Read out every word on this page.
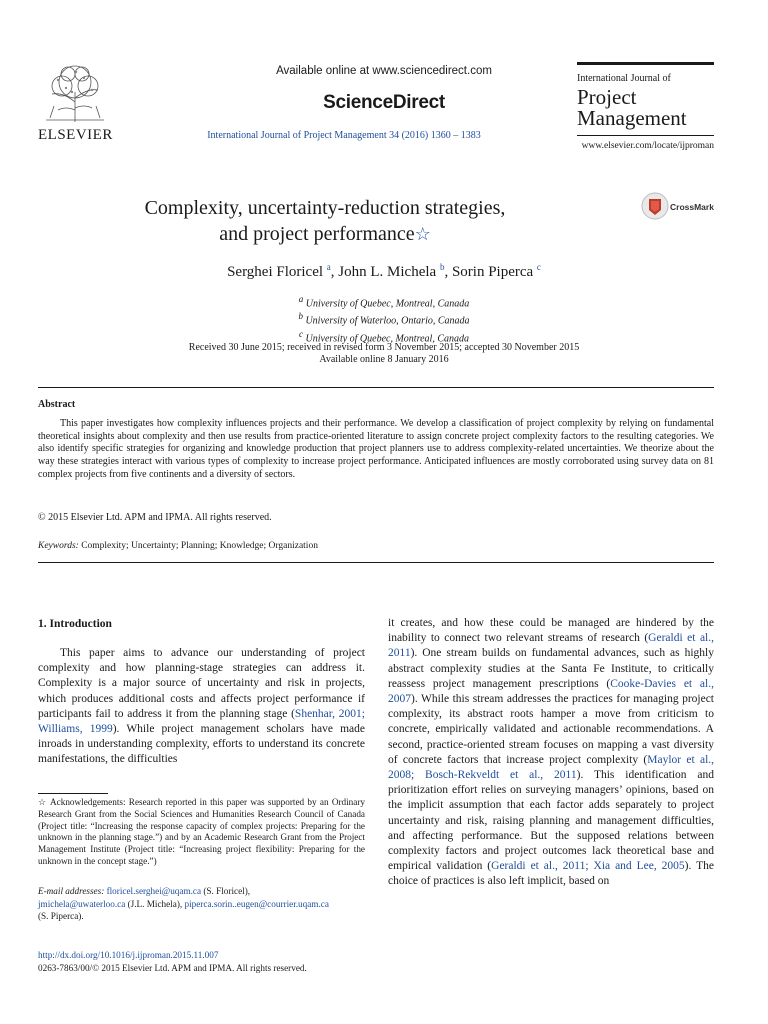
ELSEVIER
Available online at www.sciencedirect.com
ScienceDirect
International Journal of Project Management 34 (2016) 1360 – 1383
International Journal of
Project
Management
www.elsevier.com/locate/ijproman
Complexity, uncertainty-reduction strategies,
and project performance☆
CrossMark
Serghei Floricel $^a$, John L. Michela $^b$, Sorin Piperca $^c$
$^a$ University of Quebec, Montreal, Canada
$^b$ University of Waterloo, Ontario, Canada
$^c$ University of Quebec, Montreal, Canada
Received 30 June 2015; received in revised form 3 November 2015; accepted 30 November 2015
Available online 8 January 2016
Abstract
This paper investigates how complexity influences projects and their performance. We develop a classification of project complexity by relying on fundamental theoretical insights about complexity and then use results from practice-oriented literature to assign concrete project complexity factors to the resulting categories. We also identify specific strategies for organizing and knowledge production that project planners use to address complexity-related uncertainties. We theorize about the way these strategies interact with various types of complexity to increase project performance. Anticipated influences are mostly corroborated using survey data on 81 complex projects from five continents and a diversity of sectors.
© 2015 Elsevier Ltd. APM and IPMA. All rights reserved.
Keywords: Complexity; Uncertainty; Planning; Knowledge; Organization
1. Introduction
This paper aims to advance our understanding of project complexity and how planning-stage strategies can address it. Complexity is a major source of uncertainty and risk in projects, which produces additional costs and affects project performance if participants fail to address it from the planning stage (Shenhar, 2001; Williams, 1999). While project management scholars have made inroads in understanding complexity, efforts to understand its concrete manifestations, the difficulties
it creates, and how these could be managed are hindered by the inability to connect two relevant streams of research (Geraldi et al., 2011). One stream builds on fundamental advances, such as highly abstract complexity studies at the Santa Fe Institute, to critically reassess project management prescriptions (Cooke-Davies et al., 2007). While this stream addresses the practices for managing project complexity, its abstract roots hamper a move from criticism to concrete, empirically validated and actionable recommendations. A second, practice-oriented stream focuses on mapping a vast diversity of concrete factors that increase project complexity (Maylor et al., 2008; Bosch-Rekveldt et al., 2011). This identification and prioritization effort relies on surveying managers’ opinions, based on the implicit assumption that each factor adds separately to project uncertainty and risk, raising planning and management difficulties, and affecting performance. But the supposed relations between complexity factors and project outcomes lack theoretical base and empirical validation (Geraldi et al., 2011; Xia and Lee, 2005). The choice of practices is also left implicit, based on
☆ Acknowledgements: Research reported in this paper was supported by an Ordinary Research Grant from the Social Sciences and Humanities Research Council of Canada (Project title: “Increasing the response capacity of complex projects: Preparing for the unknown in the planning stage.”) and by an Academic Research Grant from the Project Management Institute (Project title: “Increasing project flexibility: Preparing for the unknown in the concept stage.”)
E-mail addresses: floricel.serghei@uqam.ca (S. Floricel),
jmichela@uwaterloo.ca (J.L. Michela), piperca.sorin..eugen@courrier.uqam.ca
(S. Piperca).
http://dx.doi.org/10.1016/j.ijproman.2015.11.007
0263-7863/00/© 2015 Elsevier Ltd. APM and IPMA. All rights reserved.
